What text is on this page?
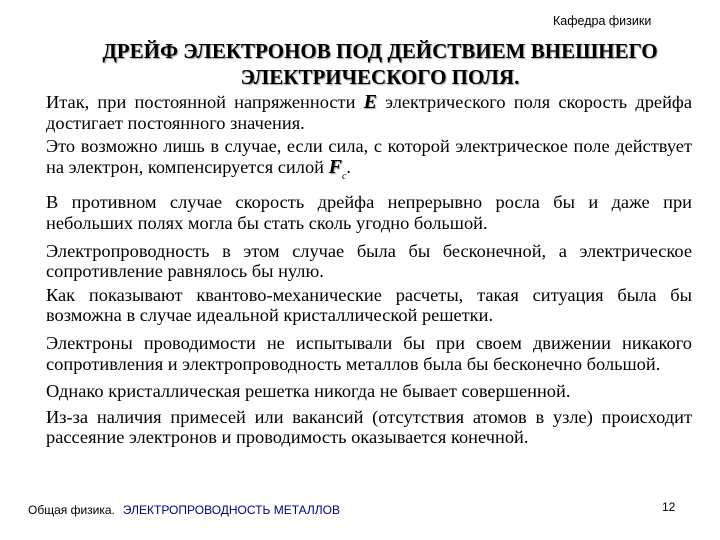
Кафедра физики
ДРЕЙФ ЭЛЕКТРОНОВ ПОД ДЕЙСТВИЕМ ВНЕШНЕГО
ЭЛЕКТРИЧЕСКОГО ПОЛЯ.

Итак, при постоянной напряженности E электрического поля скорость дрейфа достигает постоянного значения.

Это возможно лишь в случае, если сила, с которой электрическое поле действует на электрон, компенсируется силой $F_c$.

В противном случае скорость дрейфа непрерывно росла бы и даже при небольших полях могла бы стать сколь угодно большой.

Электропроводность в этом случае была бы бесконечной, а электрическое сопротивление равнялось бы нулю.

Как показывают квантово-механические расчеты, такая ситуация была бы возможна в случае идеальной кристаллической решетки.

Электроны проводимости не испытывали бы при своем движении никакого сопротивления и электропроводность металлов была бы бесконечно большой.

Однако кристаллическая решетка никогда не бывает совершенной.

Из-за наличия примесей или вакансий (отсутствия атомов в узле) происходит рассеяние электронов и проводимость оказывается конечной.

Общая физика. ЭЛЕКТРОПРОВОДНОСТЬ МЕТАЛЛОВ	12
